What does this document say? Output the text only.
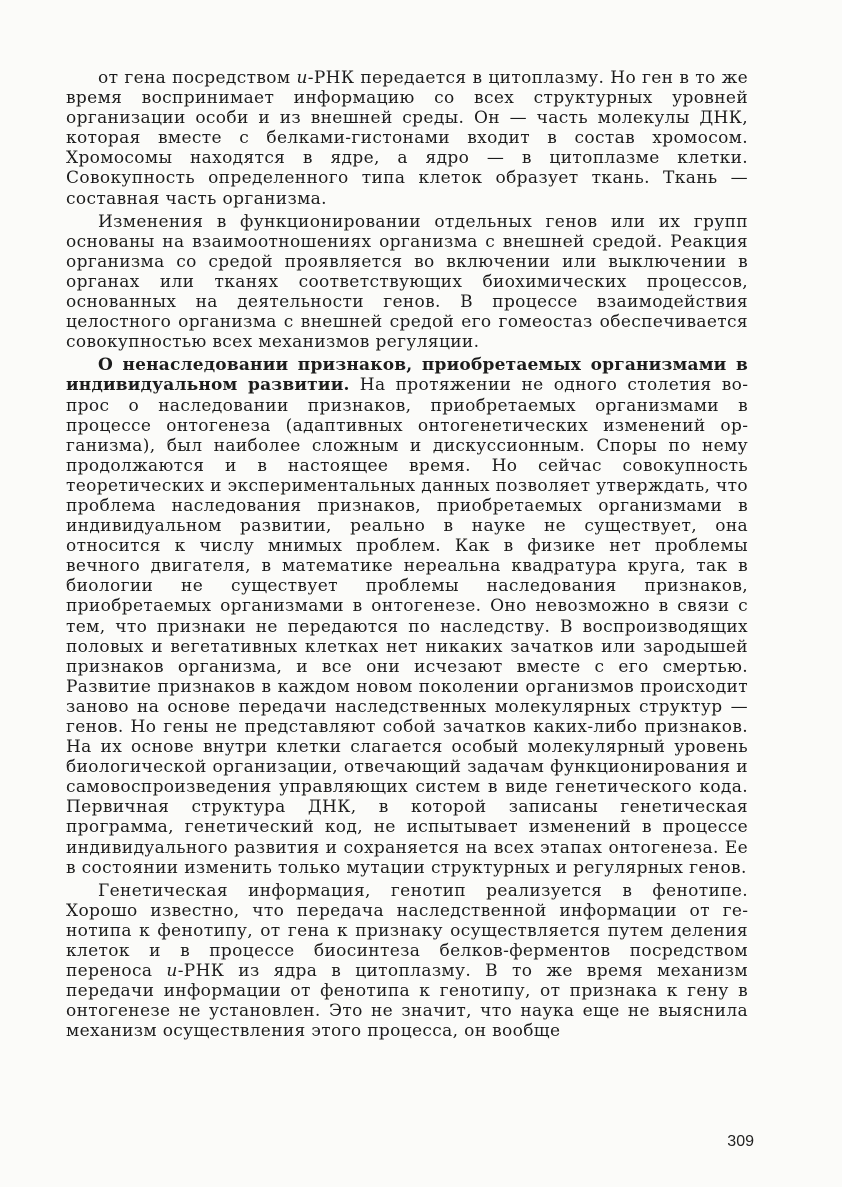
от гена посредством и-РНК передается в цитоплазму. Но ген в то же время воспринимает информацию со всех структурных уровней организации особи и из внешней среды. Он — часть молекулы ДНК, которая вместе с белками-гистонами входит в состав хромосом. Хромосомы находятся в ядре, а ядро — в цитоплазме клетки. Совокупность определенного типа клеток образует ткань. Ткань — составная часть организма.

Изменения в функционировании отдельных генов или их групп основаны на взаимоотношениях организма с внешней средой. Реакция организма со средой проявляется во включении или выключении в органах или тканях соответствующих биохимических процессов, основанных на деятельности генов. В процессе взаимодействия целостного организма с внешней средой его гомеостаз обеспечивается совокупностью всех механизмов регуляции.

О ненаследовании признаков, приобретаемых организмами в индивидуальном развитии. На протяжении не одного столетия вопрос о наследовании признаков, приобретаемых организмами в процессе онтогенеза (адаптивных онтогенетических изменений организма), был наиболее сложным и дискуссионным. Споры по нему продолжаются и в настоящее время. Но сейчас совокупность теоретических и экспериментальных данных позволяет утверждать, что проблема наследования признаков, приобретаемых организмами в индивидуальном развитии, реально в науке не существует, она относится к числу мнимых проблем. Как в физике нет проблемы вечного двигателя, в математике нереальна квадратура круга, так в биологии не существует проблемы наследования признаков, приобретаемых организмами в онтогенезе. Оно невозможно в связи с тем, что признаки не передаются по наследству. В воспроизводящих половых и вегетативных клетках нет никаких зачатков или зародышей признаков организма, и все они исчезают вместе с его смертью. Развитие признаков в каждом новом поколении организмов происходит заново на основе передачи наследственных молекулярных структур — генов. Но гены не представляют собой зачатков каких-либо признаков. На их основе внутри клетки слагается особый молекулярный уровень биологической организации, отвечающий задачам функционирования и самовоспроизведения управляющих систем в виде генетического кода. Первичная структура ДНК, в которой записаны генетическая программа, генетический код, не испытывает изменений в процессе индивидуального развития и сохраняется на всех этапах онтогенеза. Ее в состоянии изменить только мутации структурных и регулярных генов.

Генетическая информация, генотип реализуется в фенотипе. Хорошо известно, что передача наследственной информации от генотипа к фенотипу, от гена к признаку осуществляется путем деления клеток и в процессе биосинтеза белков-ферментов посредством переноса и-РНК из ядра в цитоплазму. В то же время механизм передачи информации от фенотипа к генотипу, от признака к гену в онтогенезе не установлен. Это не значит, что наука еще не выяснила механизм осуществления этого процесса, он вообще

309
